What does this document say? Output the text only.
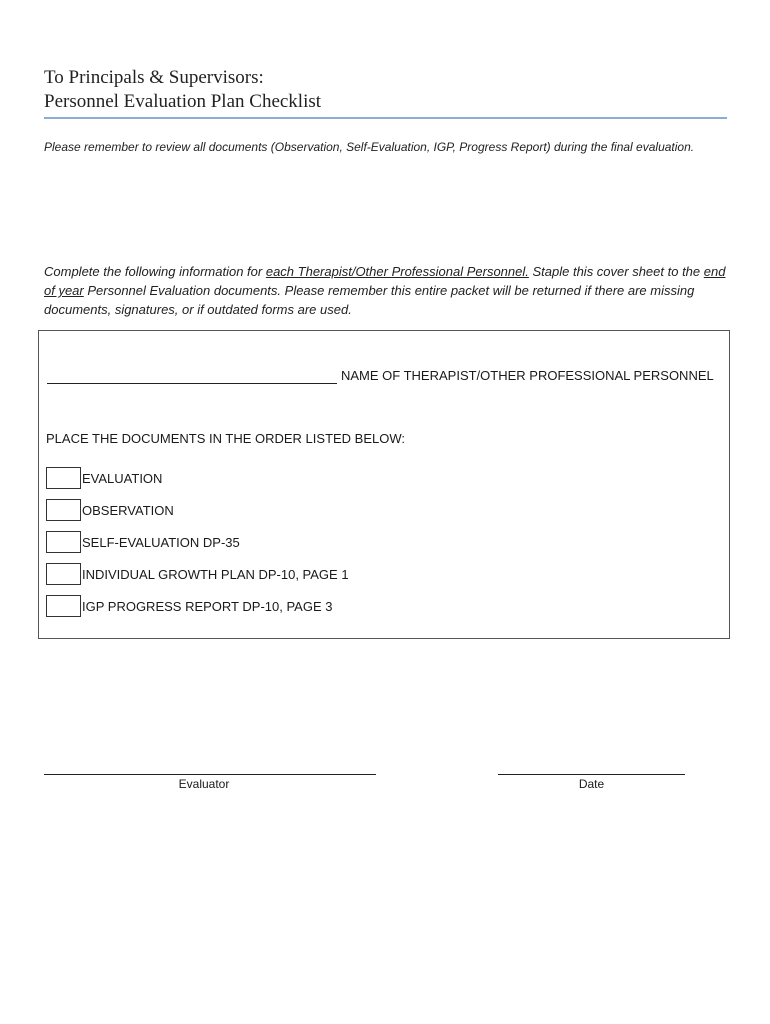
To Principals & Supervisors:
Personnel Evaluation Plan Checklist
Please remember to review all documents (Observation, Self-Evaluation, IGP, Progress Report) during the final evaluation.
Complete the following information for each Therapist/Other Professional Personnel. Staple this cover sheet to the end of year Personnel Evaluation documents. Please remember this entire packet will be returned if there are missing documents, signatures, or if outdated forms are used.
NAME OF THERAPIST/OTHER PROFESSIONAL PERSONNEL
PLACE THE DOCUMENTS IN THE ORDER LISTED BELOW:
EVALUATION
OBSERVATION
SELF-EVALUATION DP-35
INDIVIDUAL GROWTH PLAN DP-10, PAGE 1
IGP PROGRESS REPORT DP-10, PAGE 3
Evaluator	Date
